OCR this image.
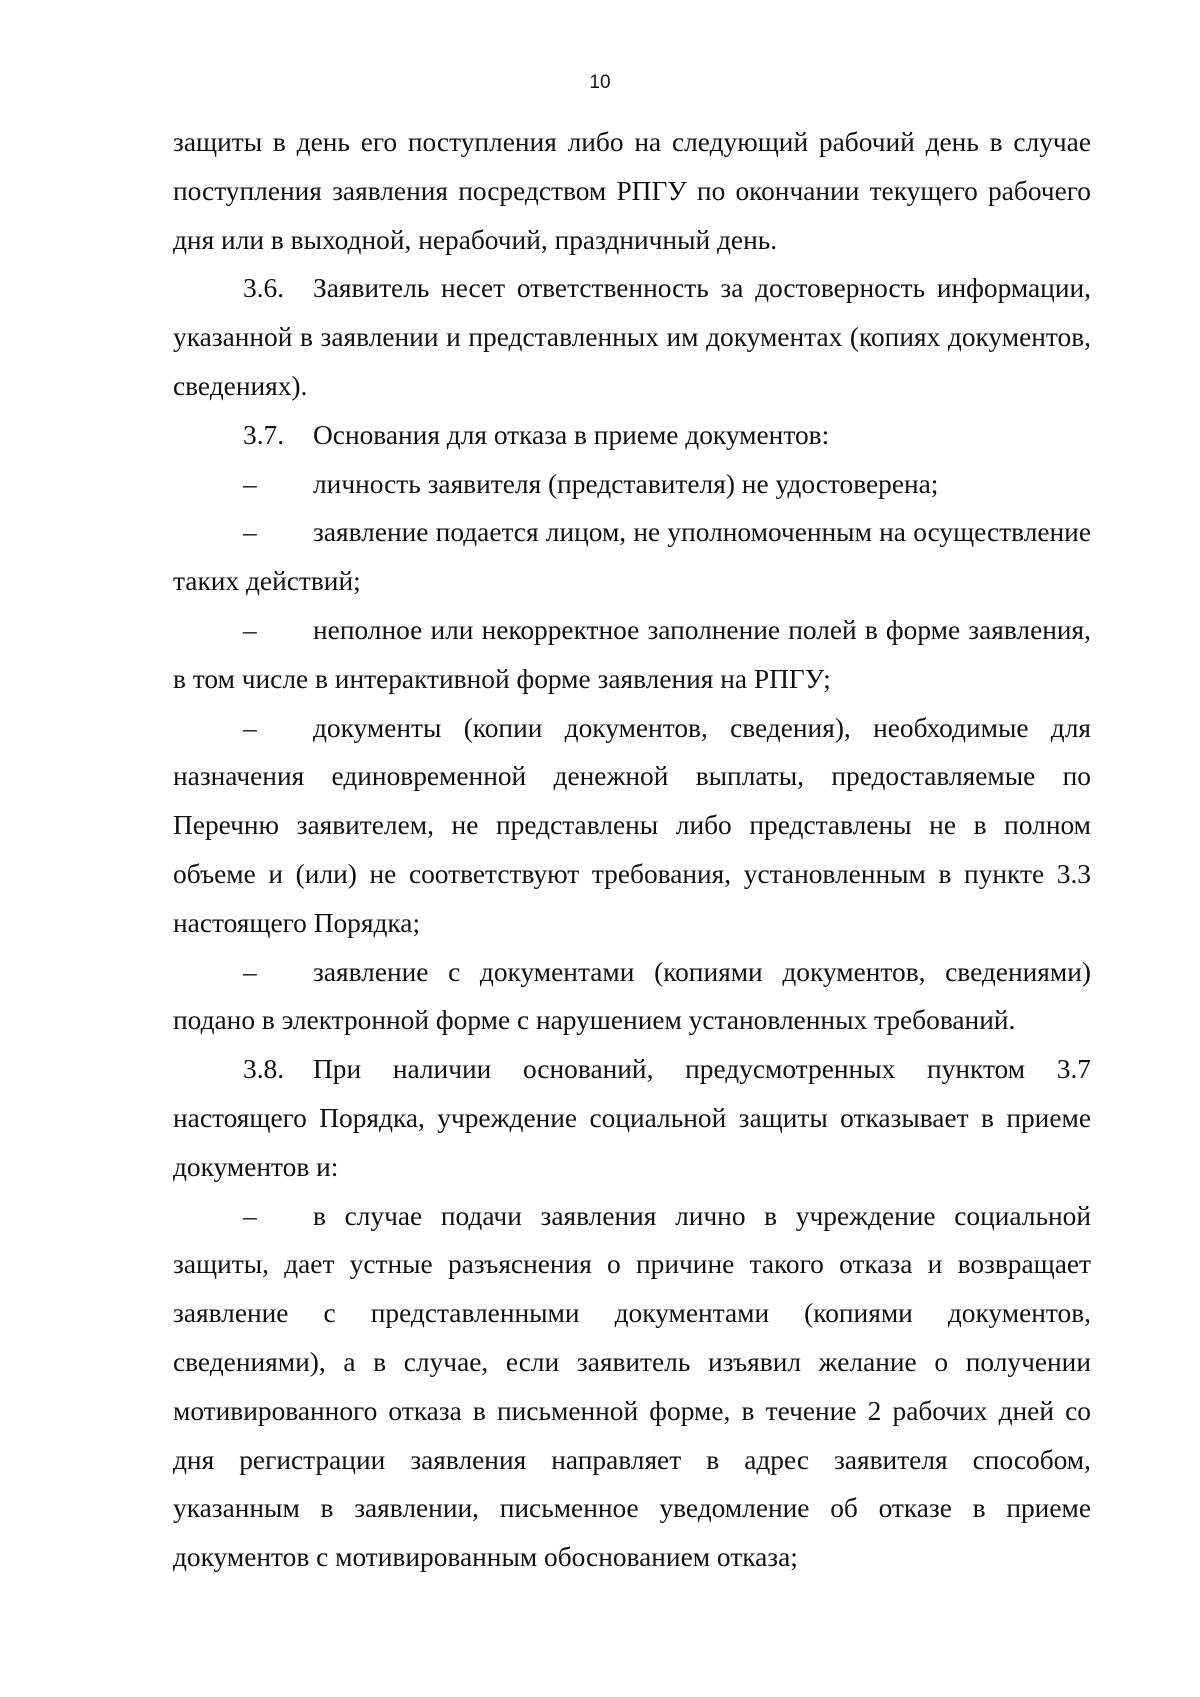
10

защиты в день его поступления либо на следующий рабочий день в случае поступления заявления посредством РПГУ по окончании текущего рабочего дня или в выходной, нерабочий, праздничный день.

3.6. Заявитель несет ответственность за достоверность информации, указанной в заявлении и представленных им документах (копиях документов, сведениях).

3.7. Основания для отказа в приеме документов:

– личность заявителя (представителя) не удостоверена;

– заявление подается лицом, не уполномоченным на осуществление таких действий;

– неполное или некорректное заполнение полей в форме заявления, в том числе в интерактивной форме заявления на РПГУ;

– документы (копии документов, сведения), необходимые для назначения единовременной денежной выплаты, предоставляемые по Перечню заявителем, не представлены либо представлены не в полном объеме и (или) не соответствуют требования, установленным в пункте 3.3 настоящего Порядка;

– заявление с документами (копиями документов, сведениями) подано в электронной форме с нарушением установленных требований.

3.8. При наличии оснований, предусмотренных пунктом 3.7 настоящего Порядка, учреждение социальной защиты отказывает в приеме документов и:

– в случае подачи заявления лично в учреждение социальной защиты, дает устные разъяснения о причине такого отказа и возвращает заявление с представленными документами (копиями документов, сведениями), а в случае, если заявитель изъявил желание о получении мотивированного отказа в письменной форме, в течение 2 рабочих дней со дня регистрации заявления направляет в адрес заявителя способом, указанным в заявлении, письменное уведомление об отказе в приеме документов с мотивированным обоснованием отказа;
